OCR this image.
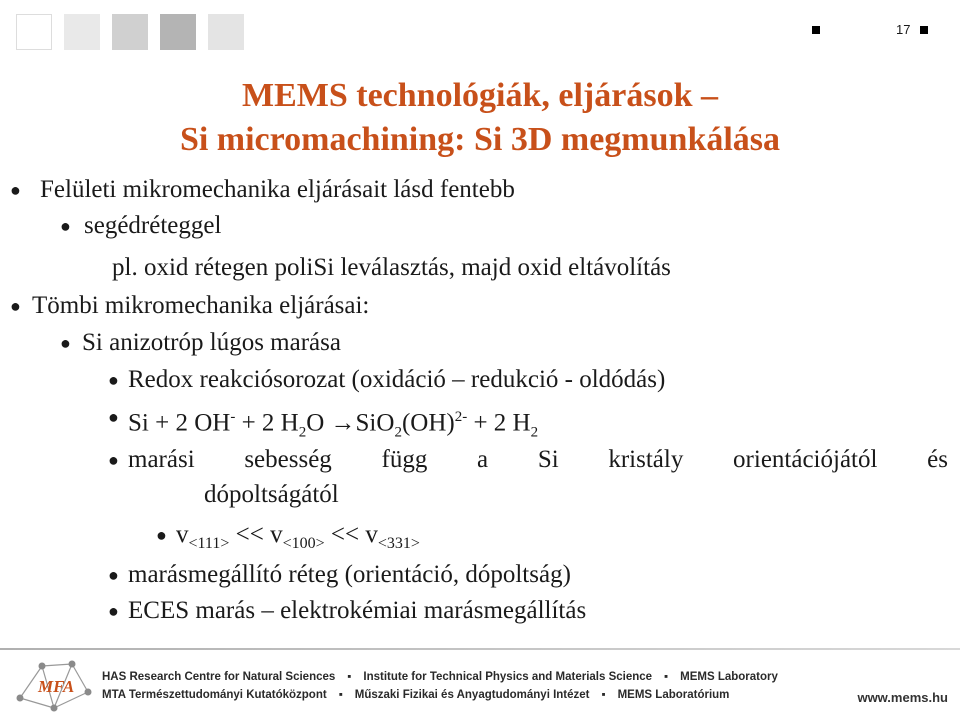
17
MEMS technológiák, eljárások –
Si micromachining: Si 3D megmunkálása
● Felületi mikromechanika eljárásait lásd fentebb
● segédréteggel
pl. oxid rétegen poliSi leválasztás, majd oxid eltávolítás
● Tömbi mikromechanika eljárásai:
● Si anizotróp lúgos marása
● Redox reakciósorozat (oxidáció – redukció - oldódás)
● Si + 2 OH- + 2 $H_2O \to SiO_2(OH)^{2-} + 2$ $H_2$
● marási sebesség függ a Si kristály orientációjától és
dópoltságától
● $v_{<111>} << v_{<100>} << v_{<331>}$
● marásmegállító réteg (orientáció, dópoltság)
● ECES marás – elektrokémiai marásmegállítás
MFA HAS Research Centre for Natural Sciences ▪ Institute for Technical Physics and Materials Science ▪ MEMS Laboratory
MTA Természettudományi Kutatóközpont ▪ Műszaki Fizikai és Anyagtudományi Intézet ▪ MEMS Laboratórium	www.mems.hu
